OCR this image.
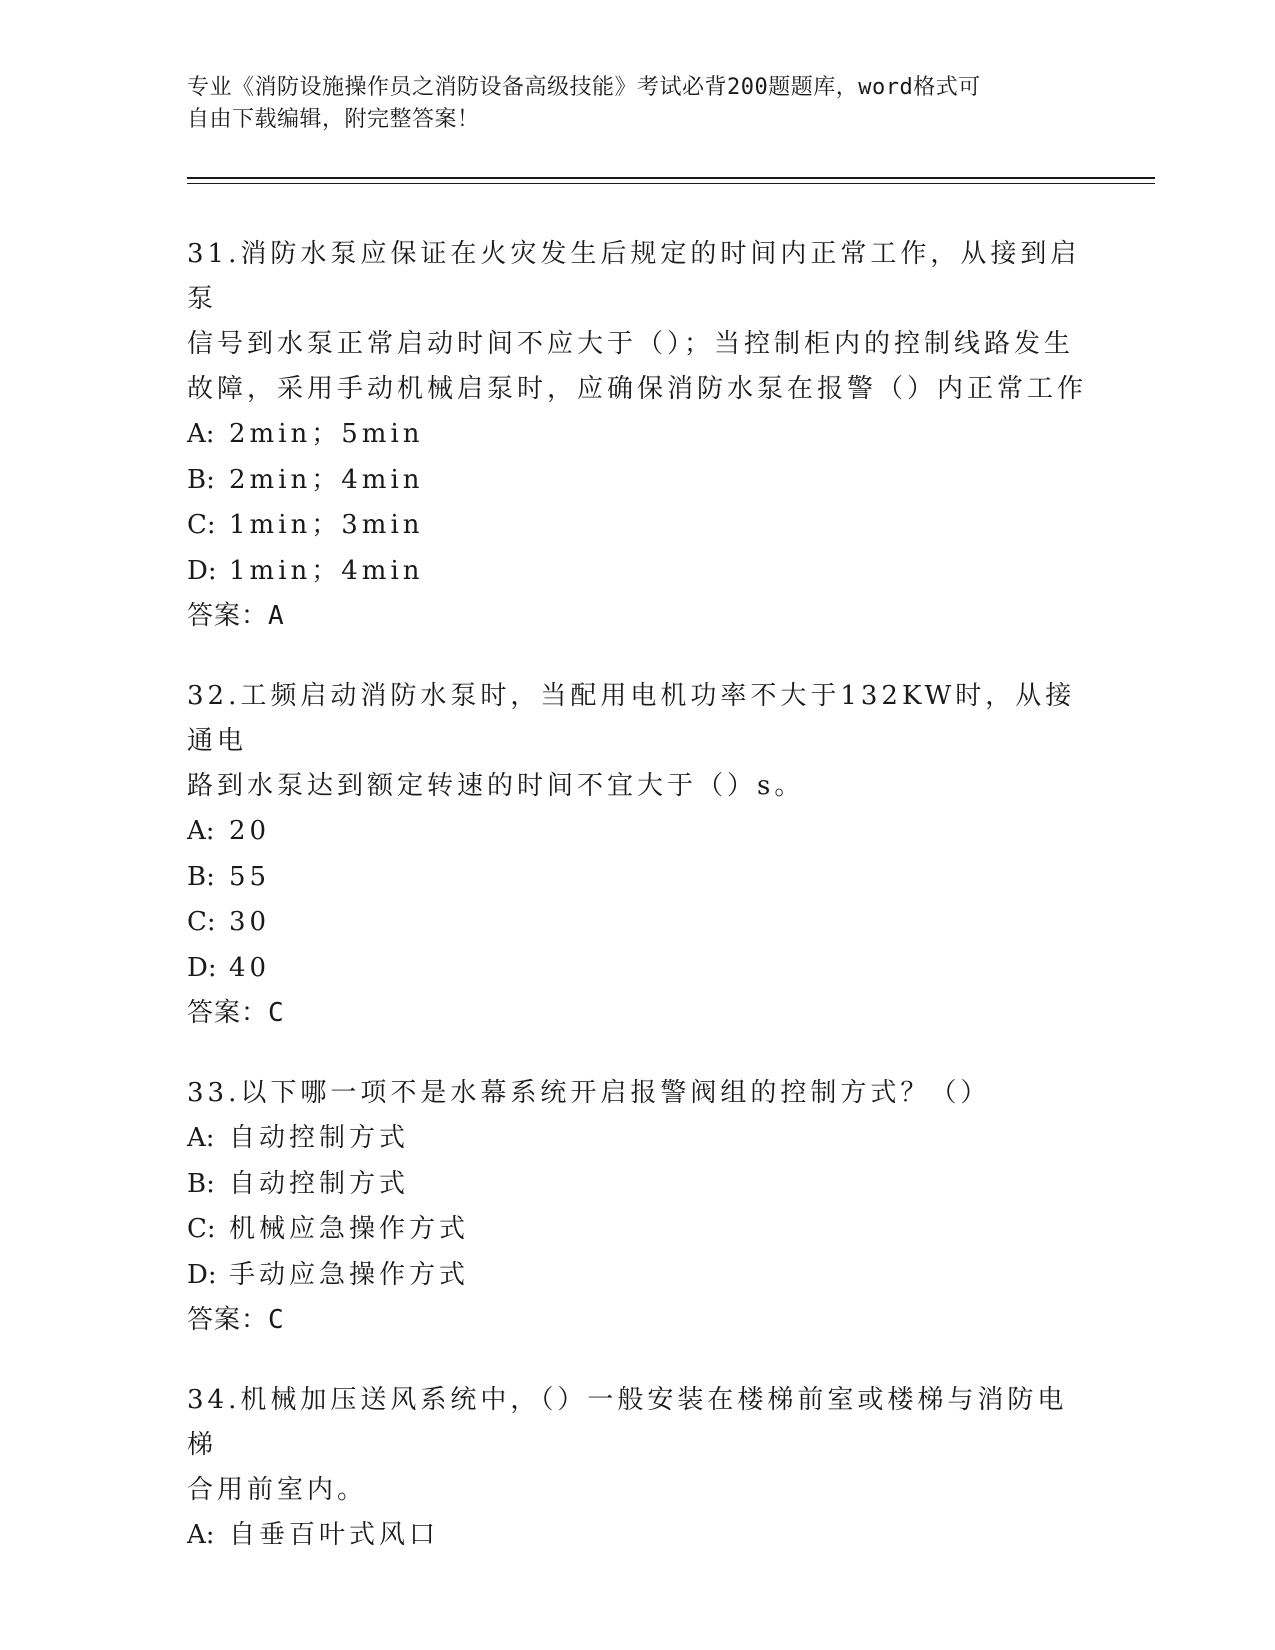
专业《消防设施操作员之消防设备高级技能》考试必背200题题库，word格式可
自由下载编辑，附完整答案！
31.消防水泵应保证在火灾发生后规定的时间内正常工作，从接到启泵
信号到水泵正常启动时间不应大于（）；当控制柜内的控制线路发生
故障，采用手动机械启泵时，应确保消防水泵在报警（）内正常工作
A: 2min；5min
B: 2min；4min
C: 1min；3min
D: 1min；4min
答案：A
32.工频启动消防水泵时，当配用电机功率不大于132KW时，从接通电
路到水泵达到额定转速的时间不宜大于（）s。
A: 20
B: 55
C: 30
D: 40
答案：C
33.以下哪一项不是水幕系统开启报警阀组的控制方式？（）
A: 自动控制方式
B: 自动控制方式
C: 机械应急操作方式
D: 手动应急操作方式
答案：C
34.机械加压送风系统中，（）一般安装在楼梯前室或楼梯与消防电梯
合用前室内。
A: 自垂百叶式风口
